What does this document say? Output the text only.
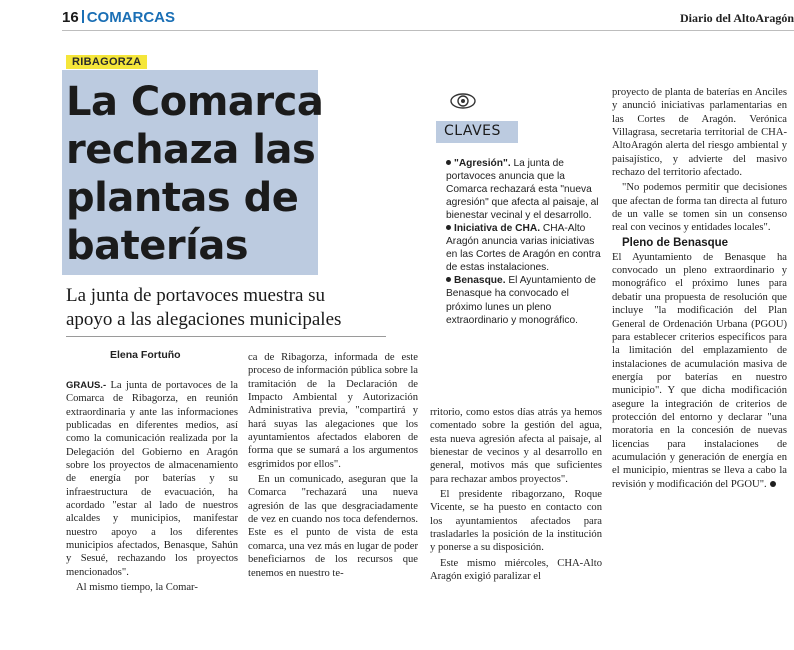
16 COMARCAS	Diario del AltoAragón
RIBAGORZA
La Comarca
rechaza las
plantas de
baterías
La junta de portavoces muestra su
apoyo a las alegaciones municipales
Elena Fortuño

GRAUS.- La junta de portavoces de la Comarca de Ribagorza, en reunión extraordinaria y ante las informaciones publicadas en diferentes medios, así como la comunicación realizada por la Delegación del Gobierno en Aragón sobre los proyectos de almacenamiento de energía por baterías y su infraestructura de evacuación, ha acordado "estar al lado de nuestros alcaldes y municipios, manifestar nuestro apoyo a los diferentes municipios afectados, Benasque, Sahún y Sesué, rechazando los proyectos mencionados".

Al mismo tiempo, la Comar-

ca de Ribagorza, informada de este proceso de información pública sobre la tramitación de la Declaración de Impacto Ambiental y Autorización Administrativa previa, "compartirá y hará suyas las alegaciones que los ayuntamientos afectados elaboren de forma que se sumará a los argumentos esgrimidos por ellos".

En un comunicado, aseguran que la Comarca "rechazará una nueva agresión de las que desgraciadamente de vez en cuando nos toca defendernos. Este es el punto de vista de esta comarca, una vez más en lugar de poder beneficiarnos de los recursos que tenemos en nuestro te-

CLAVES

"Agresión". La junta de portavoces anuncia que la Comarca rechazará esta "nueva agresión" que afecta al paisaje, al bienestar vecinal y el desarrollo.

Iniciativa de CHA. CHA-Alto Aragón anuncia varias iniciativas en las Cortes de Aragón en contra de estas instalaciones.

Benasque. El Ayuntamiento de Benasque ha convocado el próximo lunes un pleno extraordinario y monográfico.

rritorio, como estos días atrás ya hemos comentado sobre la gestión del agua, esta nueva agresión afecta al paisaje, al bienestar de vecinos y al desarrollo en general, motivos más que suficientes para rechazar ambos proyectos".

El presidente ribagorzano, Roque Vicente, se ha puesto en contacto con los ayuntamientos afectados para trasladarles la posición de la institución y ponerse a su disposición.

Este mismo miércoles, CHA-Alto Aragón exigió paralizar el

proyecto de planta de baterías en Anciles y anunció iniciativas parlamentarias en las Cortes de Aragón. Verónica Villagrasa, secretaria territorial de CHA-AltoAragón alerta del riesgo ambiental y paisajístico, y advierte del masivo rechazo del territorio afectado.

"No podemos permitir que decisiones que afectan de forma tan directa al futuro de un valle se tomen sin un consenso real con vecinos y entidades locales".

Pleno de Benasque

El Ayuntamiento de Benasque ha convocado un pleno extraordinario y monográfico el próximo lunes para debatir una propuesta de resolución que incluye "la modificación del Plan General de Ordenación Urbana (PGOU) para establecer criterios específicos para la limitación del emplazamiento de instalaciones de acumulación masiva de energía por baterías en nuestro municipio". Y que dicha modificación asegure la integración de criterios de protección del entorno y declarar "una moratoria en la concesión de nuevas licencias para instalaciones de acumulación y generación de energía en el municipio, mientras se lleva a cabo la revisión y modificación del PGOU".
